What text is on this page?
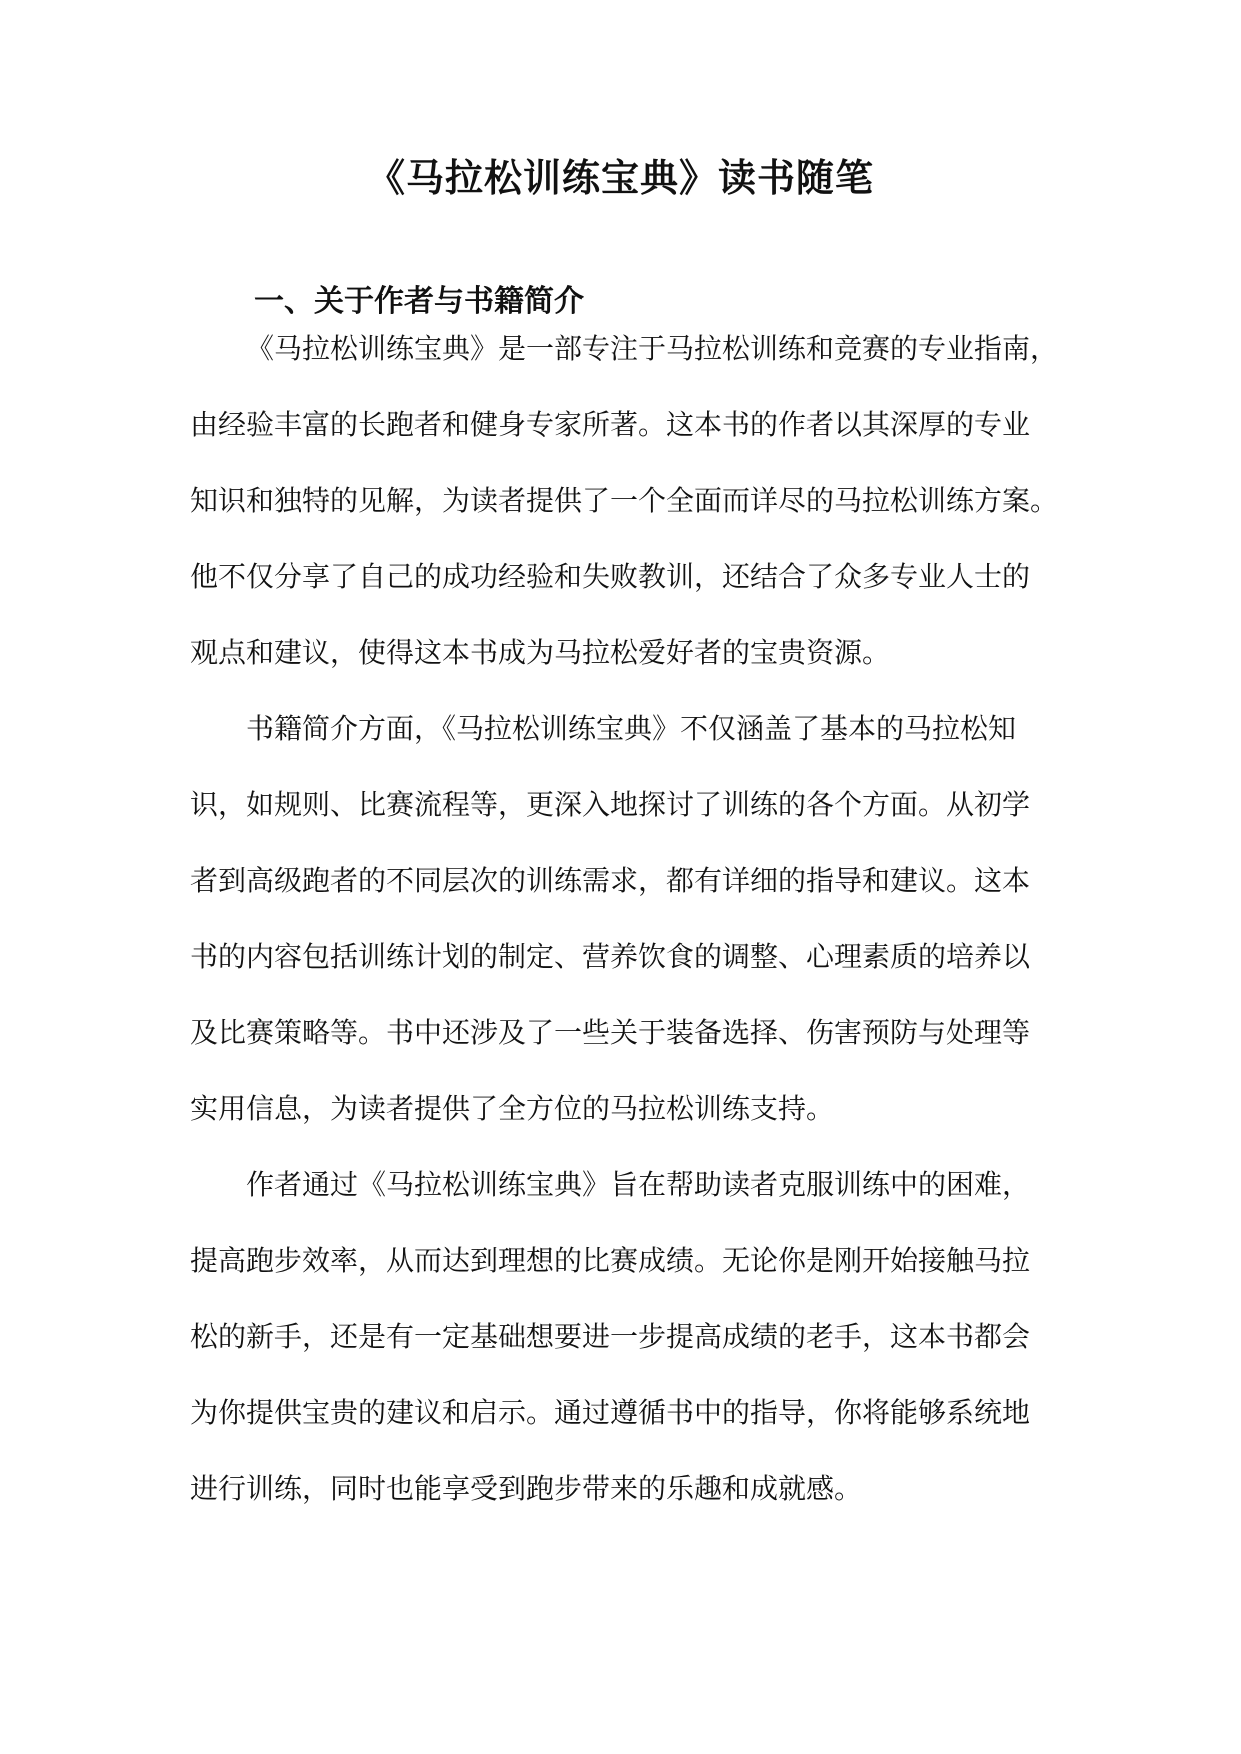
《马拉松训练宝典》读书随笔
一、关于作者与书籍简介

《马拉松训练宝典》是一部专注于马拉松训练和竞赛的专业指南，
由经验丰富的长跑者和健身专家所著。这本书的作者以其深厚的专业
知识和独特的见解，为读者提供了一个全面而详尽的马拉松训练方案。
他不仅分享了自己的成功经验和失败教训，还结合了众多专业人士的
观点和建议，使得这本书成为马拉松爱好者的宝贵资源。

书籍简介方面，《马拉松训练宝典》不仅涵盖了基本的马拉松知
识，如规则、比赛流程等，更深入地探讨了训练的各个方面。从初学
者到高级跑者的不同层次的训练需求，都有详细的指导和建议。这本
书的内容包括训练计划的制定、营养饮食的调整、心理素质的培养以
及比赛策略等。书中还涉及了一些关于装备选择、伤害预防与处理等
实用信息，为读者提供了全方位的马拉松训练支持。

作者通过《马拉松训练宝典》旨在帮助读者克服训练中的困难，
提高跑步效率，从而达到理想的比赛成绩。无论你是刚开始接触马拉
松的新手，还是有一定基础想要进一步提高成绩的老手，这本书都会
为你提供宝贵的建议和启示。通过遵循书中的指导，你将能够系统地
进行训练，同时也能享受到跑步带来的乐趣和成就感。
